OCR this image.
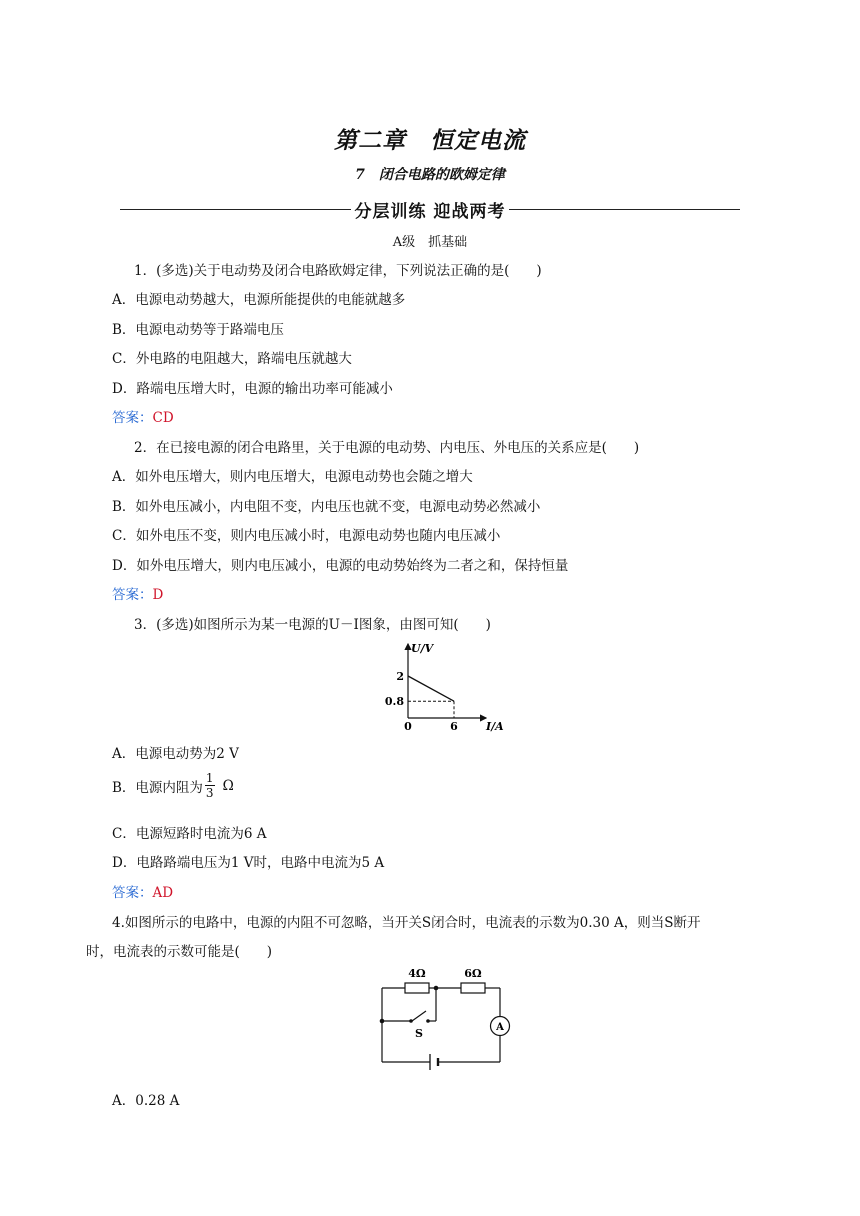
第二章　恒定电流
7　闭合电路的欧姆定律
分层训练 迎战两考
A级　抓基础
1．(多选)关于电动势及闭合电路欧姆定律，下列说法正确的是(　　)
A．电源电动势越大，电源所能提供的电能就越多
B．电源电动势等于路端电压
C．外电路的电阻越大，路端电压就越大
D．路端电压增大时，电源的输出功率可能减小
答案：CD
2．在已接电源的闭合电路里，关于电源的电动势、内电压、外电压的关系应是(　　)
A．如外电压增大，则内电压增大，电源电动势也会随之增大
B．如外电压减小，内电阻不变，内电压也就不变，电源电动势必然减小
C．如外电压不变，则内电压减小时，电源电动势也随内电压减小
D．如外电压增大，则内电压减小，电源的电动势始终为二者之和，保持恒量
答案：D
3．(多选)如图所示为某一电源的U－I图象，由图可知(　　)
U/V
I/A
2
0.8
0	6
A．电源电动势为2 V
B．电源内阻为 $\frac{1}{3}$ Ω
C．电源短路时电流为6 A
D．电路路端电压为1 V时，电路中电流为5 A
答案：AD
4.如图所示的电路中，电源的内阻不可忽略，当开关S闭合时，电流表的示数为0.30 A，则当S断开
时，电流表的示数可能是(　　)
4Ω	6Ω
S	A
A．0.28 A
